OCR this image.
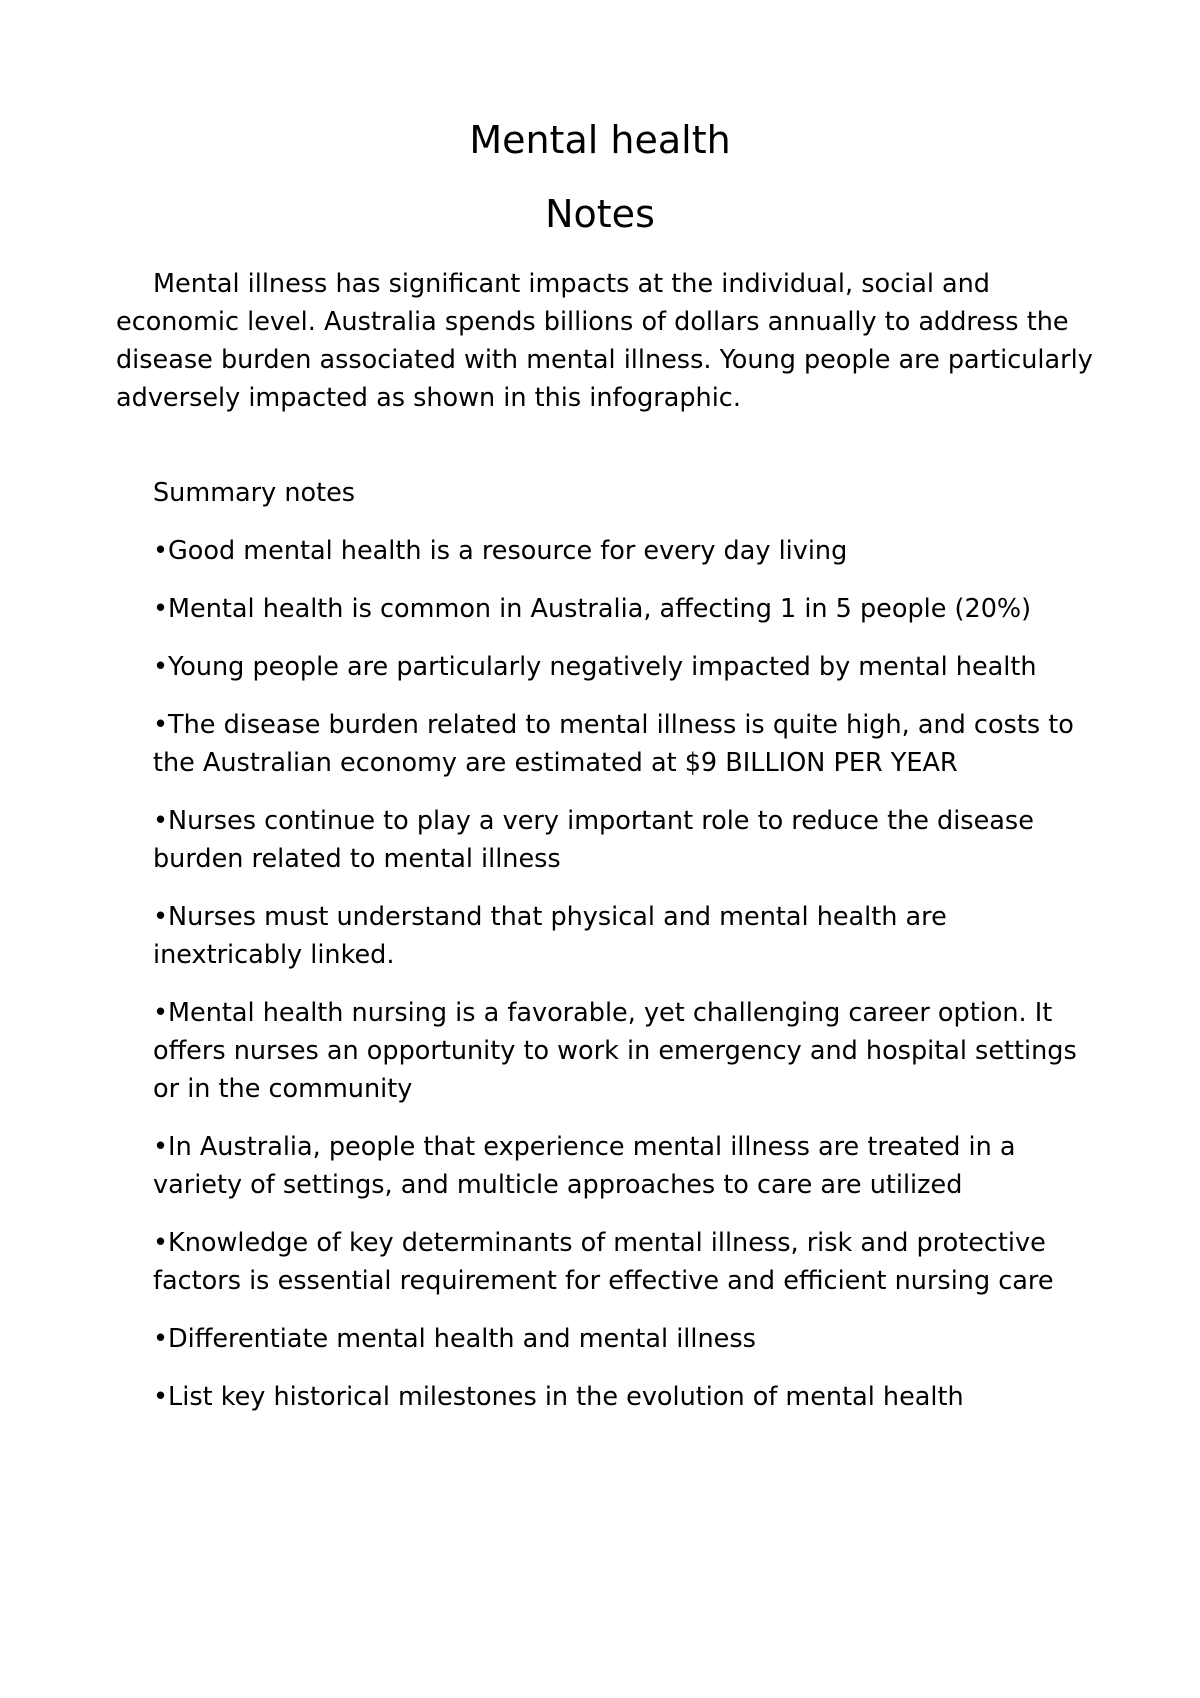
Mental health
Notes

Mental illness has significant impacts at the individual, social and economic level. Australia spends billions of dollars annually to address the disease burden associated with mental illness. Young people are particularly adversely impacted as shown in this infographic.

Summary notes

•Good mental health is a resource for every day living
•Mental health is common in Australia, affecting 1 in 5 people (20%)
•Young people are particularly negatively impacted by mental health
•The disease burden related to mental illness is quite high, and costs to the Australian economy are estimated at $9 BILLION PER YEAR
•Nurses continue to play a very important role to reduce the disease burden related to mental illness
•Nurses must understand that physical and mental health are inextricably linked.
•Mental health nursing is a favorable, yet challenging career option. It offers nurses an opportunity to work in emergency and hospital settings or in the community
•In Australia, people that experience mental illness are treated in a variety of settings, and multicle approaches to care are utilized
•Knowledge of key determinants of mental illness, risk and protective factors is essential requirement for effective and efficient nursing care
•Differentiate mental health and mental illness
•List key historical milestones in the evolution of mental health
